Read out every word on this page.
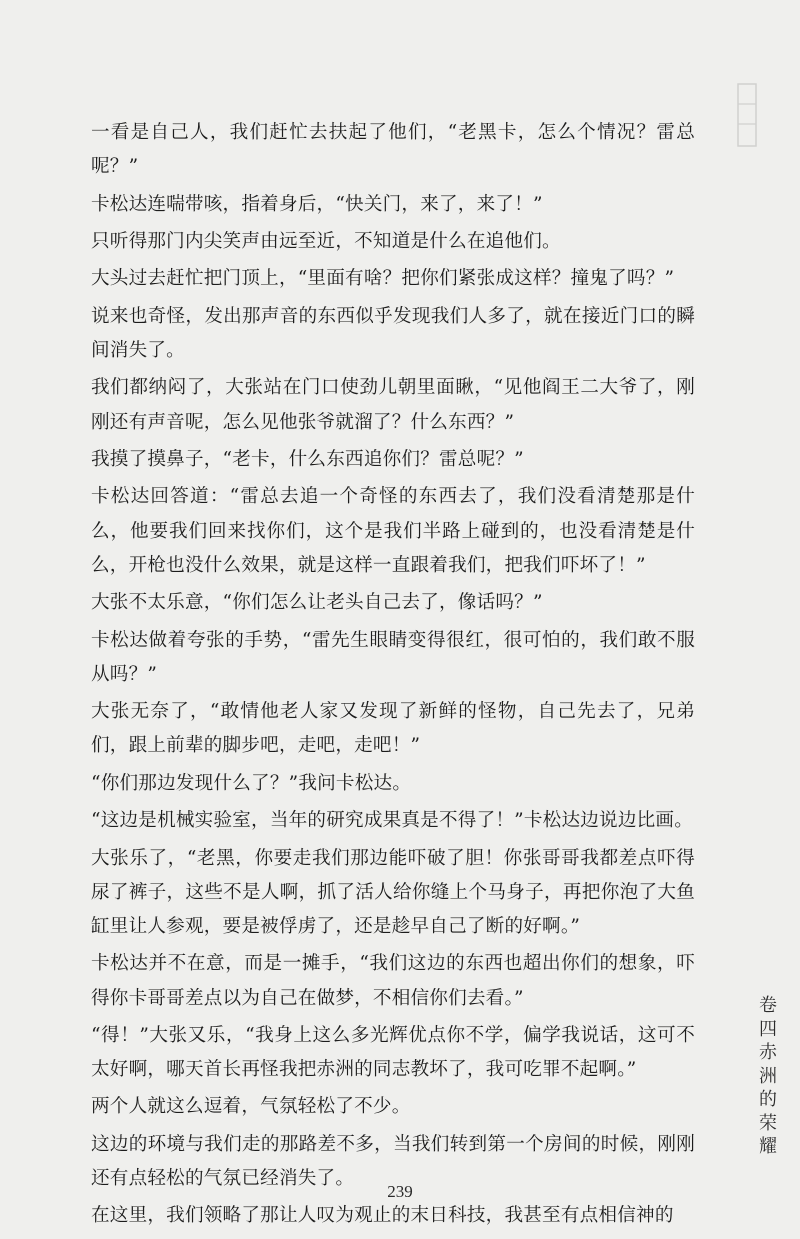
一看是自己人，我们赶忙去扶起了他们，“老黑卡，怎么个情况？雷总呢？”

卡松达连喘带咳，指着身后，“快关门，来了，来了！”

只听得那门内尖笑声由远至近，不知道是什么在追他们。

大头过去赶忙把门顶上，“里面有啥？把你们紧张成这样？撞鬼了吗？”

说来也奇怪，发出那声音的东西似乎发现我们人多了，就在接近门口的瞬间消失了。

我们都纳闷了，大张站在门口使劲儿朝里面瞅，“见他阎王二大爷了，刚刚还有声音呢，怎么见他张爷就溜了？什么东西？”

我摸了摸鼻子，“老卡，什么东西追你们？雷总呢？”

卡松达回答道：“雷总去追一个奇怪的东西去了，我们没看清楚那是什么，他要我们回来找你们，这个是我们半路上碰到的，也没看清楚是什么，开枪也没什么效果，就是这样一直跟着我们，把我们吓坏了！”

大张不太乐意，“你们怎么让老头自己去了，像话吗？”

卡松达做着夸张的手势，“雷先生眼睛变得很红，很可怕的，我们敢不服从吗？”

大张无奈了，“敢情他老人家又发现了新鲜的怪物，自己先去了，兄弟们，跟上前辈的脚步吧，走吧，走吧！”

“你们那边发现什么了？”我问卡松达。

“这边是机械实验室，当年的研究成果真是不得了！”卡松达边说边比画。

大张乐了，“老黑，你要走我们那边能吓破了胆！你张哥哥我都差点吓得尿了裤子，这些不是人啊，抓了活人给你缝上个马身子，再把你泡了大鱼缸里让人参观，要是被俘虏了，还是趁早自己了断的好啊。”

卡松达并不在意，而是一摊手，“我们这边的东西也超出你们的想象，吓得你卡哥哥差点以为自己在做梦，不相信你们去看。”

“得！”大张又乐，“我身上这么多光辉优点你不学，偏学我说话，这可不太好啊，哪天首长再怪我把赤洲的同志教坏了，我可吃罪不起啊。”

两个人就这么逗着，气氛轻松了不少。

这边的环境与我们走的那路差不多，当我们转到第一个房间的时候，刚刚还有点轻松的气氛已经消失了。

在这里，我们领略了那让人叹为观止的末日科技，我甚至有点相信神的

卷四 赤洲的荣耀
239
